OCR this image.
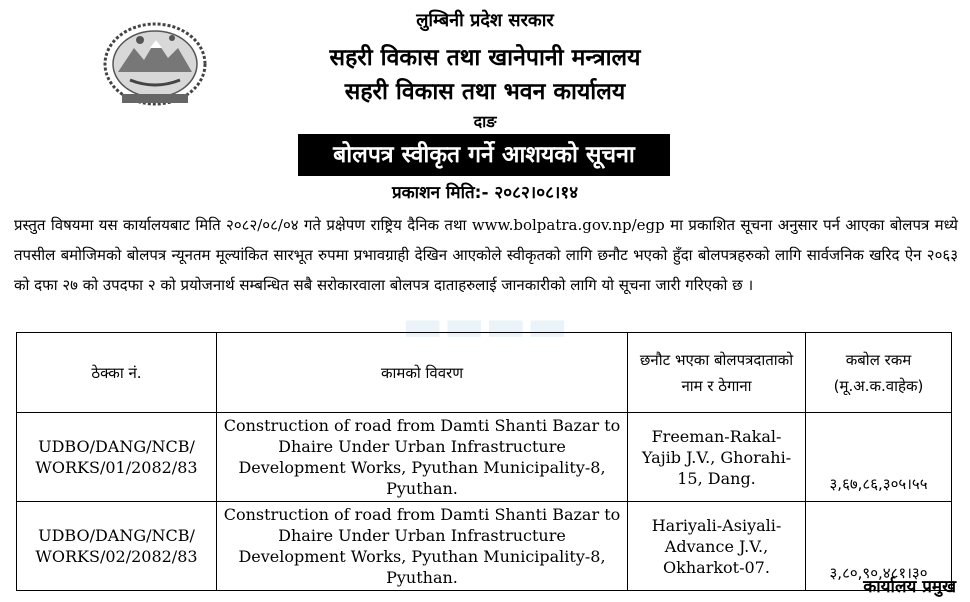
लुम्बिनी प्रदेश सरकार
सहरी विकास तथा खानेपानी मन्त्रालय
सहरी विकास तथा भवन कार्यालय
दाङ
बोलपत्र स्वीकृत गर्ने आशयको सूचना
प्रकाशन मिति:- २०८२।०८।१४

प्रस्तुत विषयमा यस कार्यालयबाट मिति २०८२/०८/०४ गते प्रक्षेपण राष्ट्रिय दैनिक तथा www.bolpatra.gov.np/egp मा प्रकाशित सूचना अनुसार पर्न आएका बोलपत्र मध्ये तपसील बमोजिमको बोलपत्र न्यूनतम मूल्यांकित सारभूत रुपमा प्रभावग्राही देखिन आएकोले स्वीकृतको लागि छनौट भएको हुँदा बोलपत्रहरुको लागि सार्वजनिक खरिद ऐन २०६३ को दफा २७ को उपदफा २ को प्रयोजनार्थ सम्बन्धित सबै सरोकारवाला बोलपत्र दाताहरुलाई जानकारीको लागि यो सूचना जारी गरिएको छ ।

▬▬▬▬
ठेक्का नं.	कामको विवरण	छनौट भएका बोलपत्रदाताको नाम र ठेगाना	कबोल रकम (मू.अ.क.वाहेक)
UDBO/DANG/NCB/ WORKS/01/2082/83	Construction of road from Damti Shanti Bazar to Dhaire Under Urban Infrastructure Development Works, Pyuthan Municipality-8, Pyuthan.	Freeman-Rakal-Yajib J.V., Ghorahi-15, Dang.	३,६७,८६,३०५।५५
UDBO/DANG/NCB/ WORKS/02/2082/83	Construction of road from Damti Shanti Bazar to Dhaire Under Urban Infrastructure Development Works, Pyuthan Municipality-8, Pyuthan.	Hariyali-Asiyali-Advance J.V., Okharkot-07.	३,८०,९०,४८१।३०
कार्यालय प्रमुख
